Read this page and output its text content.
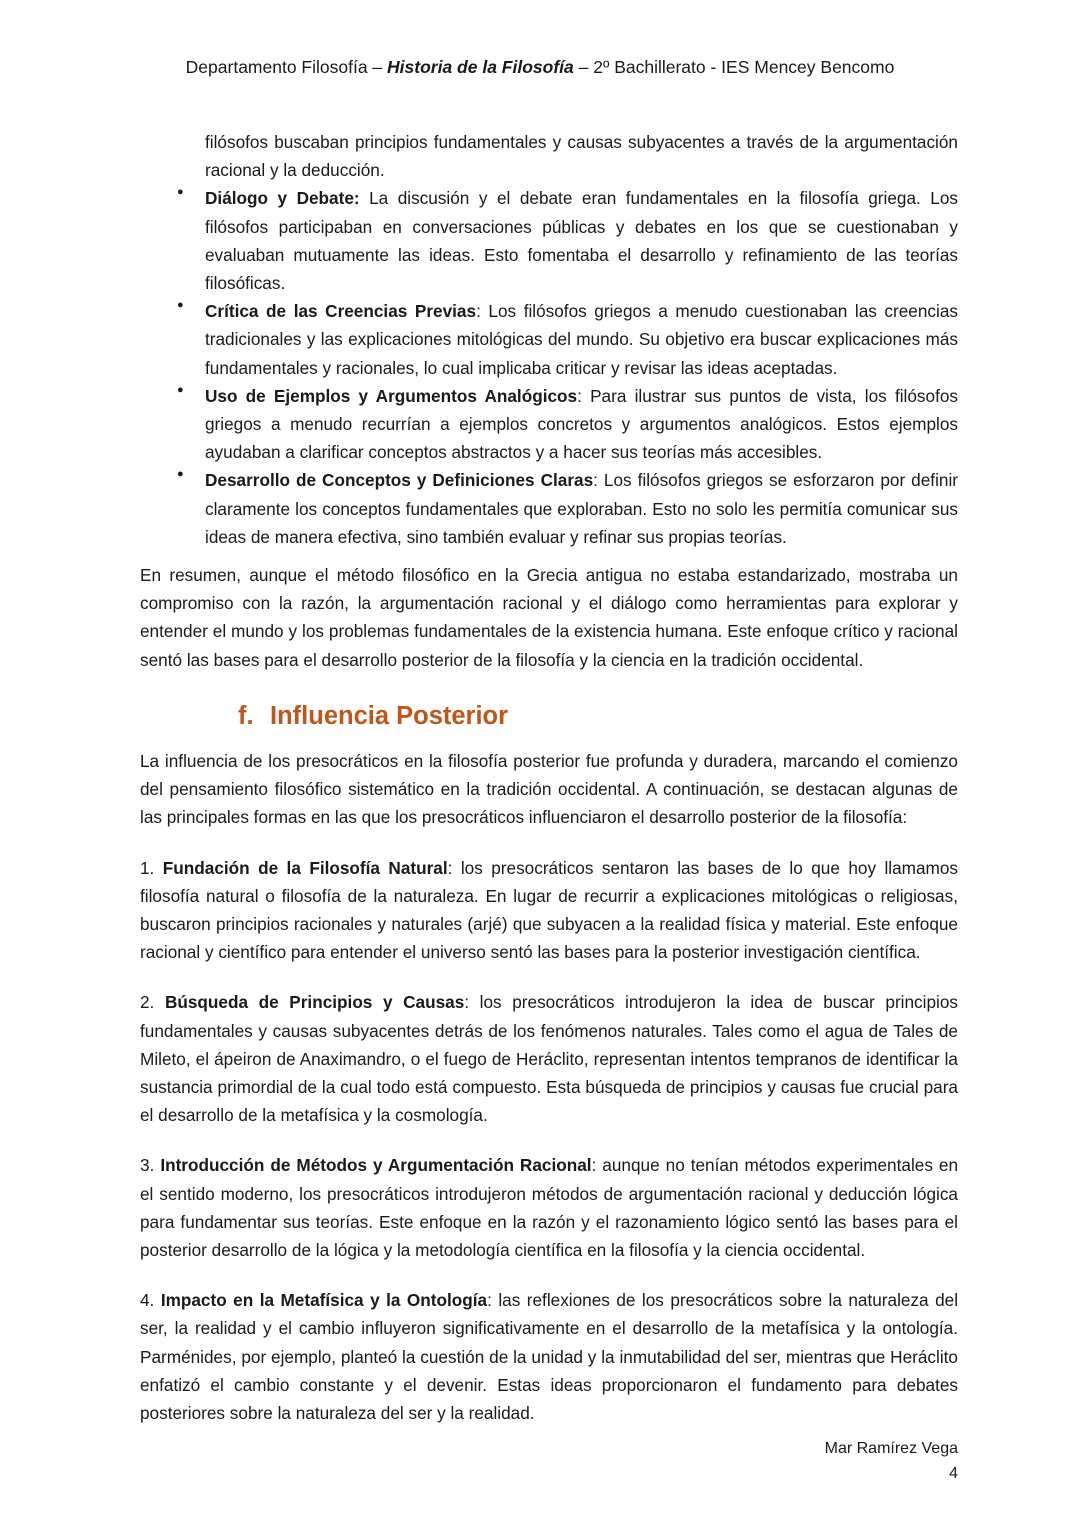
Departamento Filosofía – Historia de la Filosofía – 2º Bachillerato - IES Mencey Bencomo

filósofos buscaban principios fundamentales y causas subyacentes a través de la argumentación racional y la deducción.

● Diálogo y Debate: La discusión y el debate eran fundamentales en la filosofía griega. Los filósofos participaban en conversaciones públicas y debates en los que se cuestionaban y evaluaban mutuamente las ideas. Esto fomentaba el desarrollo y refinamiento de las teorías filosóficas.
● Crítica de las Creencias Previas: Los filósofos griegos a menudo cuestionaban las creencias tradicionales y las explicaciones mitológicas del mundo. Su objetivo era buscar explicaciones más fundamentales y racionales, lo cual implicaba criticar y revisar las ideas aceptadas.
● Uso de Ejemplos y Argumentos Analógicos: Para ilustrar sus puntos de vista, los filósofos griegos a menudo recurrían a ejemplos concretos y argumentos analógicos. Estos ejemplos ayudaban a clarificar conceptos abstractos y a hacer sus teorías más accesibles.
● Desarrollo de Conceptos y Definiciones Claras: Los filósofos griegos se esforzaron por definir claramente los conceptos fundamentales que exploraban. Esto no solo les permitía comunicar sus ideas de manera efectiva, sino también evaluar y refinar sus propias teorías.

En resumen, aunque el método filosófico en la Grecia antigua no estaba estandarizado, mostraba un compromiso con la razón, la argumentación racional y el diálogo como herramientas para explorar y entender el mundo y los problemas fundamentales de la existencia humana. Este enfoque crítico y racional sentó las bases para el desarrollo posterior de la filosofía y la ciencia en la tradición occidental.

f. Influencia Posterior

La influencia de los presocráticos en la filosofía posterior fue profunda y duradera, marcando el comienzo del pensamiento filosófico sistemático en la tradición occidental. A continuación, se destacan algunas de las principales formas en las que los presocráticos influenciaron el desarrollo posterior de la filosofía:

1. Fundación de la Filosofía Natural: los presocráticos sentaron las bases de lo que hoy llamamos filosofía natural o filosofía de la naturaleza. En lugar de recurrir a explicaciones mitológicas o religiosas, buscaron principios racionales y naturales (arjé) que subyacen a la realidad física y material. Este enfoque racional y científico para entender el universo sentó las bases para la posterior investigación científica.

2. Búsqueda de Principios y Causas: los presocráticos introdujeron la idea de buscar principios fundamentales y causas subyacentes detrás de los fenómenos naturales. Tales como el agua de Tales de Mileto, el ápeiron de Anaximandro, o el fuego de Heráclito, representan intentos tempranos de identificar la sustancia primordial de la cual todo está compuesto. Esta búsqueda de principios y causas fue crucial para el desarrollo de la metafísica y la cosmología.

3. Introducción de Métodos y Argumentación Racional: aunque no tenían métodos experimentales en el sentido moderno, los presocráticos introdujeron métodos de argumentación racional y deducción lógica para fundamentar sus teorías. Este enfoque en la razón y el razonamiento lógico sentó las bases para el posterior desarrollo de la lógica y la metodología científica en la filosofía y la ciencia occidental.

4. Impacto en la Metafísica y la Ontología: las reflexiones de los presocráticos sobre la naturaleza del ser, la realidad y el cambio influyeron significativamente en el desarrollo de la metafísica y la ontología. Parménides, por ejemplo, planteó la cuestión de la unidad y la inmutabilidad del ser, mientras que Heráclito enfatizó el cambio constante y el devenir. Estas ideas proporcionaron el fundamento para debates posteriores sobre la naturaleza del ser y la realidad.

Mar Ramírez Vega
4
